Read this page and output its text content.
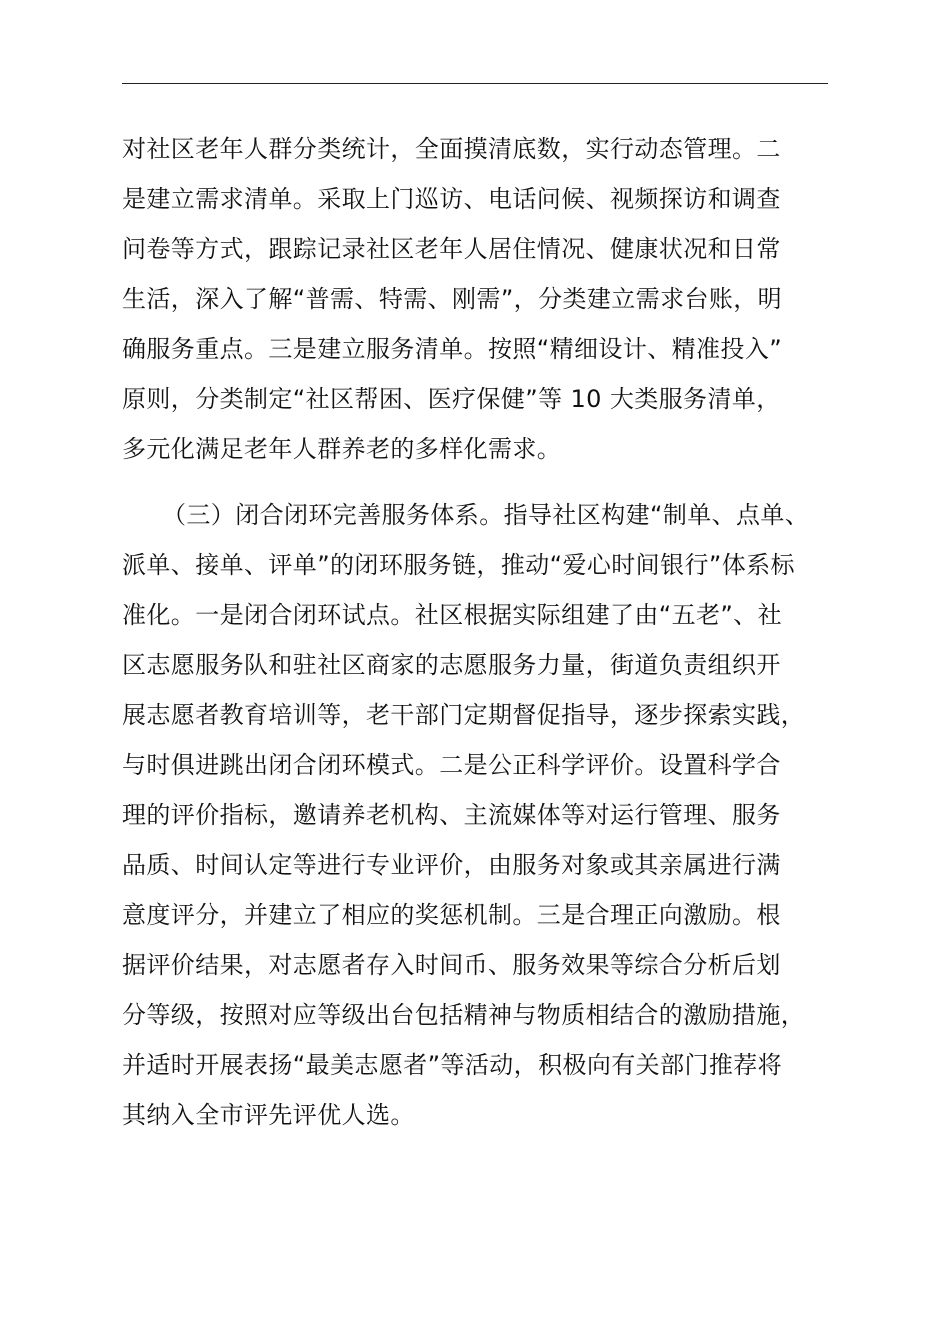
对社区老年人群分类统计，全面摸清底数，实行动态管理。二
是建立需求清单。采取上门巡访、电话问候、视频探访和调查
问卷等方式，跟踪记录社区老年人居住情况、健康状况和日常
生活，深入了解“普需、特需、刚需”，分类建立需求台账，明
确服务重点。三是建立服务清单。按照“精细设计、精准投入”
原则，分类制定“社区帮困、医疗保健”等 10 大类服务清单，
多元化满足老年人群养老的多样化需求。
（三）闭合闭环完善服务体系。指导社区构建“制单、点单、
派单、接单、评单”的闭环服务链，推动“爱心时间银行”体系标
准化。一是闭合闭环试点。社区根据实际组建了由“五老”、社
区志愿服务队和驻社区商家的志愿服务力量，街道负责组织开
展志愿者教育培训等，老干部门定期督促指导，逐步探索实践，
与时俱进跳出闭合闭环模式。二是公正科学评价。设置科学合
理的评价指标，邀请养老机构、主流媒体等对运行管理、服务
品质、时间认定等进行专业评价，由服务对象或其亲属进行满
意度评分，并建立了相应的奖惩机制。三是合理正向激励。根
据评价结果，对志愿者存入时间币、服务效果等综合分析后划
分等级，按照对应等级出台包括精神与物质相结合的激励措施，
并适时开展表扬“最美志愿者”等活动，积极向有关部门推荐将
其纳入全市评先评优人选。
